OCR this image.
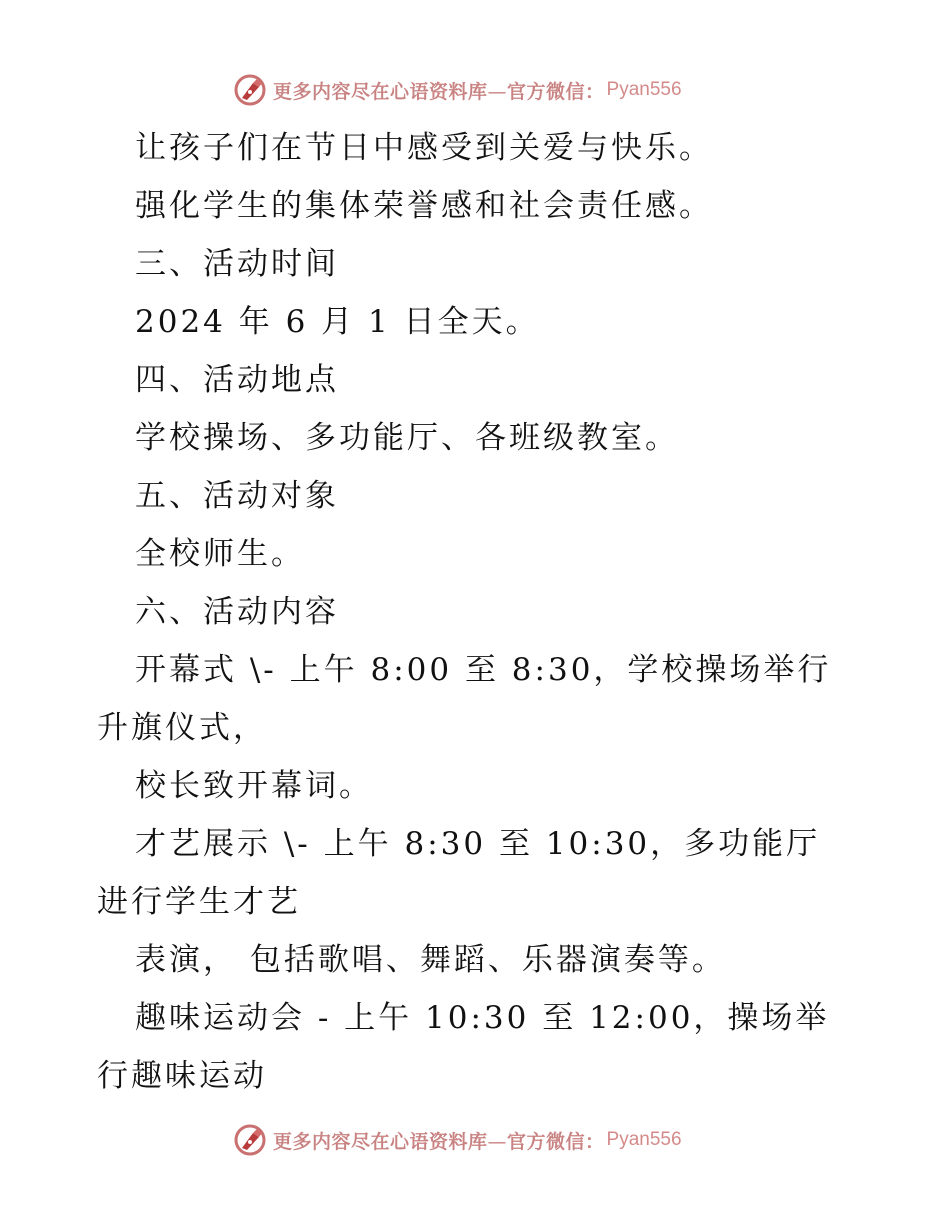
更多内容尽在心语资料库—官方微信： Pyan556
让孩子们在节日中感受到关爱与快乐。
强化学生的集体荣誉感和社会责任感。
三、活动时间
2024 年 6 月 1 日全天。
四、活动地点
学校操场、多功能厅、各班级教室。
五、活动对象
全校师生。
六、活动内容
开幕式 \- 上午 8:00 至 8:30，学校操场举行
升旗仪式，
校长致开幕词。
才艺展示 \- 上午 8:30 至 10:30，多功能厅
进行学生才艺
表演， 包括歌唱、舞蹈、乐器演奏等。
趣味运动会 - 上午 10:30 至 12:00，操场举
行趣味运动
更多内容尽在心语资料库—官方微信： Pyan556
